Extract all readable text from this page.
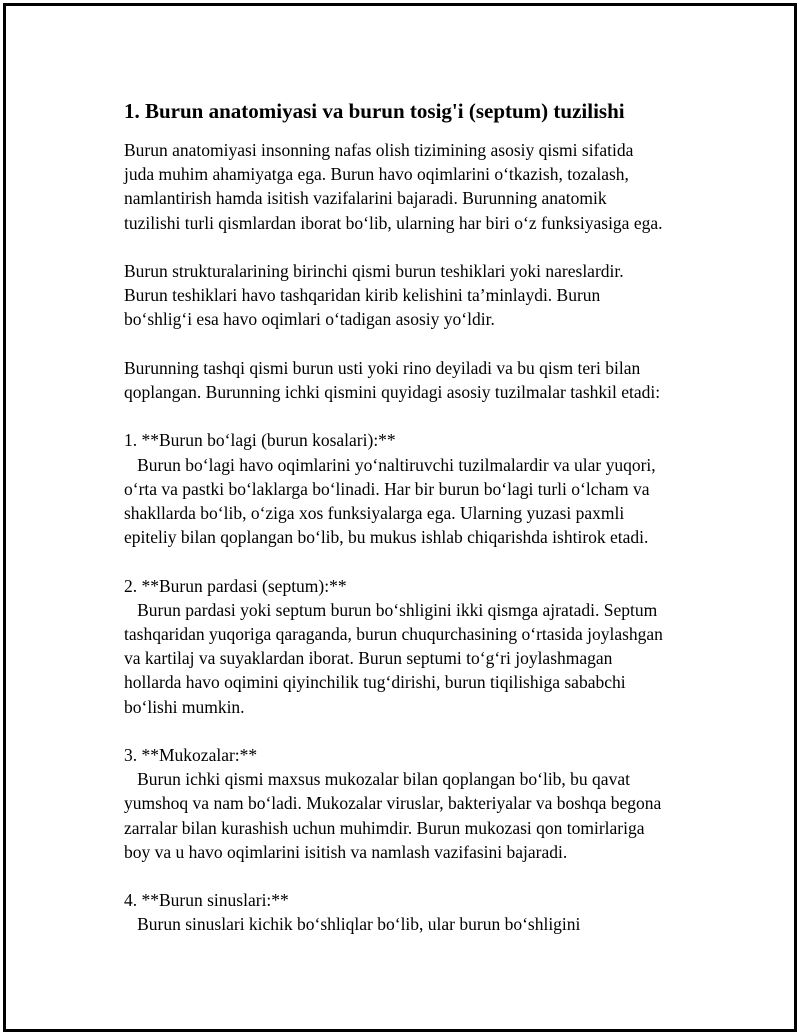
1. Burun anatomiyasi va burun tosig'i (septum) tuzilishi
Burun anatomiyasi insonning nafas olish tizimining asosiy qismi sifatida
juda muhim ahamiyatga ega. Burun havo oqimlarini oʻtkazish, tozalash,
namlantirish hamda isitish vazifalarini bajaradi. Burunning anatomik
tuzilishi turli qismlardan iborat boʻlib, ularning har biri oʻz funksiyasiga ega.
Burun strukturalarining birinchi qismi burun teshiklari yoki nareslardir.
Burun teshiklari havo tashqaridan kirib kelishini taʼminlaydi. Burun
boʻshligʻi esa havo oqimlari oʻtadigan asosiy yoʻldir.
Burunning tashqi qismi burun usti yoki rino deyiladi va bu qism teri bilan
qoplangan. Burunning ichki qismini quyidagi asosiy tuzilmalar tashkil etadi:
1. **Burun boʻlagi (burun kosalari):**
Burun boʻlagi havo oqimlarini yoʻnaltiruvchi tuzilmalardir va ular yuqori,
oʻrta va pastki boʻlaklarga boʻlinadi. Har bir burun boʻlagi turli oʻlcham va
shakllarda boʻlib, oʻziga xos funksiyalarga ega. Ularning yuzasi paxmli
epiteliy bilan qoplangan boʻlib, bu mukus ishlab chiqarishda ishtirok etadi.
2. **Burun pardasi (septum):**
Burun pardasi yoki septum burun boʻshligini ikki qismga ajratadi. Septum
tashqaridan yuqoriga qaraganda, burun chuqurchasining oʻrtasida joylashgan
va kartilaj va suyaklardan iborat. Burun septumi toʻgʻri joylashmagan
hollarda havo oqimini qiyinchilik tugʻdirishi, burun tiqilishiga sababchi
boʻlishi mumkin.
3. **Mukozalar:**
Burun ichki qismi maxsus mukozalar bilan qoplangan boʻlib, bu qavat
yumshoq va nam boʻladi. Mukozalar viruslar, bakteriyalar va boshqa begona
zarralar bilan kurashish uchun muhimdir. Burun mukozasi qon tomirlariga
boy va u havo oqimlarini isitish va namlash vazifasini bajaradi.
4. **Burun sinuslari:**
Burun sinuslari kichik boʻshliqlar boʻlib, ular burun boʻshligini
